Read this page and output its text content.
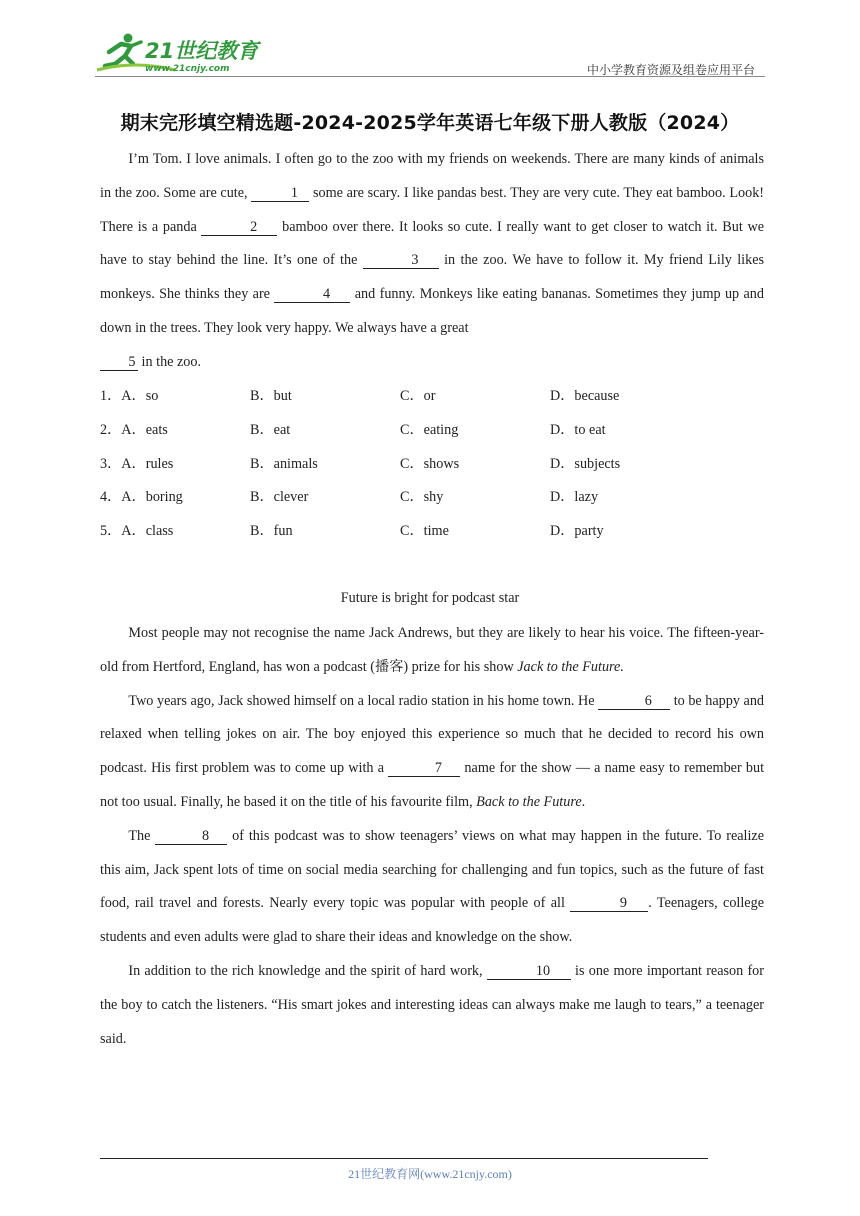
21世纪教育
www.21cnjy.com	中小学教育资源及组卷应用平台
期末完形填空精选题-2024-2025学年英语七年级下册人教版（2024）

I’m Tom. I love animals. I often go to the zoo with my friends on weekends. There are many kinds of animals in the zoo. Some are cute,	1 some are scary. I like pandas best. They are very cute. They eat bamboo. Look! There is a panda	2 bamboo over there. It looks so cute. I really want to get closer to watch it. But we have to stay behind the line. It’s one of the	3 in the zoo. We have to follow it. My friend Lily likes monkeys. She thinks they are	4 and funny. Monkeys like eating bananas. Sometimes they jump up and down in the trees. They look very happy. We always have a great
5 in the zoo.

1．A．so	B．but	C．or	D．because
2．A．eats	B．eat	C．eating	D．to eat
3．A．rules	B．animals	C．shows	D．subjects
4．A．boring	B．clever	C．shy	D．lazy
5．A．class	B．fun	C．time	D．party
Future is bright for podcast star

Most people may not recognise the name Jack Andrews, but they are likely to hear his voice. The fifteen-year-old from Hertford, England, has won a podcast (播客) prize for his show Jack to the Future.

Two years ago, Jack showed himself on a local radio station in his home town. He	6 to be happy and relaxed when telling jokes on air. The boy enjoyed this experience so much that he decided to record his own podcast. His first problem was to come up with a	7 name for the show — a name easy to remember but not too usual. Finally, he based it on the title of his favourite film, Back to the Future.

The	8 of this podcast was to show teenagers’ views on what may happen in the future. To realize this aim, Jack spent lots of time on social media searching for challenging and fun topics, such as the future of fast food, rail travel and forests. Nearly every topic was popular with people of all	9 . Teenagers, college students and even adults were glad to share their ideas and knowledge on the show.

In addition to the rich knowledge and the spirit of hard work,	10 is one more important reason for the boy to catch the listeners. “His smart jokes and interesting ideas can always make me laugh to tears,” a teenager said.

21世纪教育网(www.21cnjy.com)
